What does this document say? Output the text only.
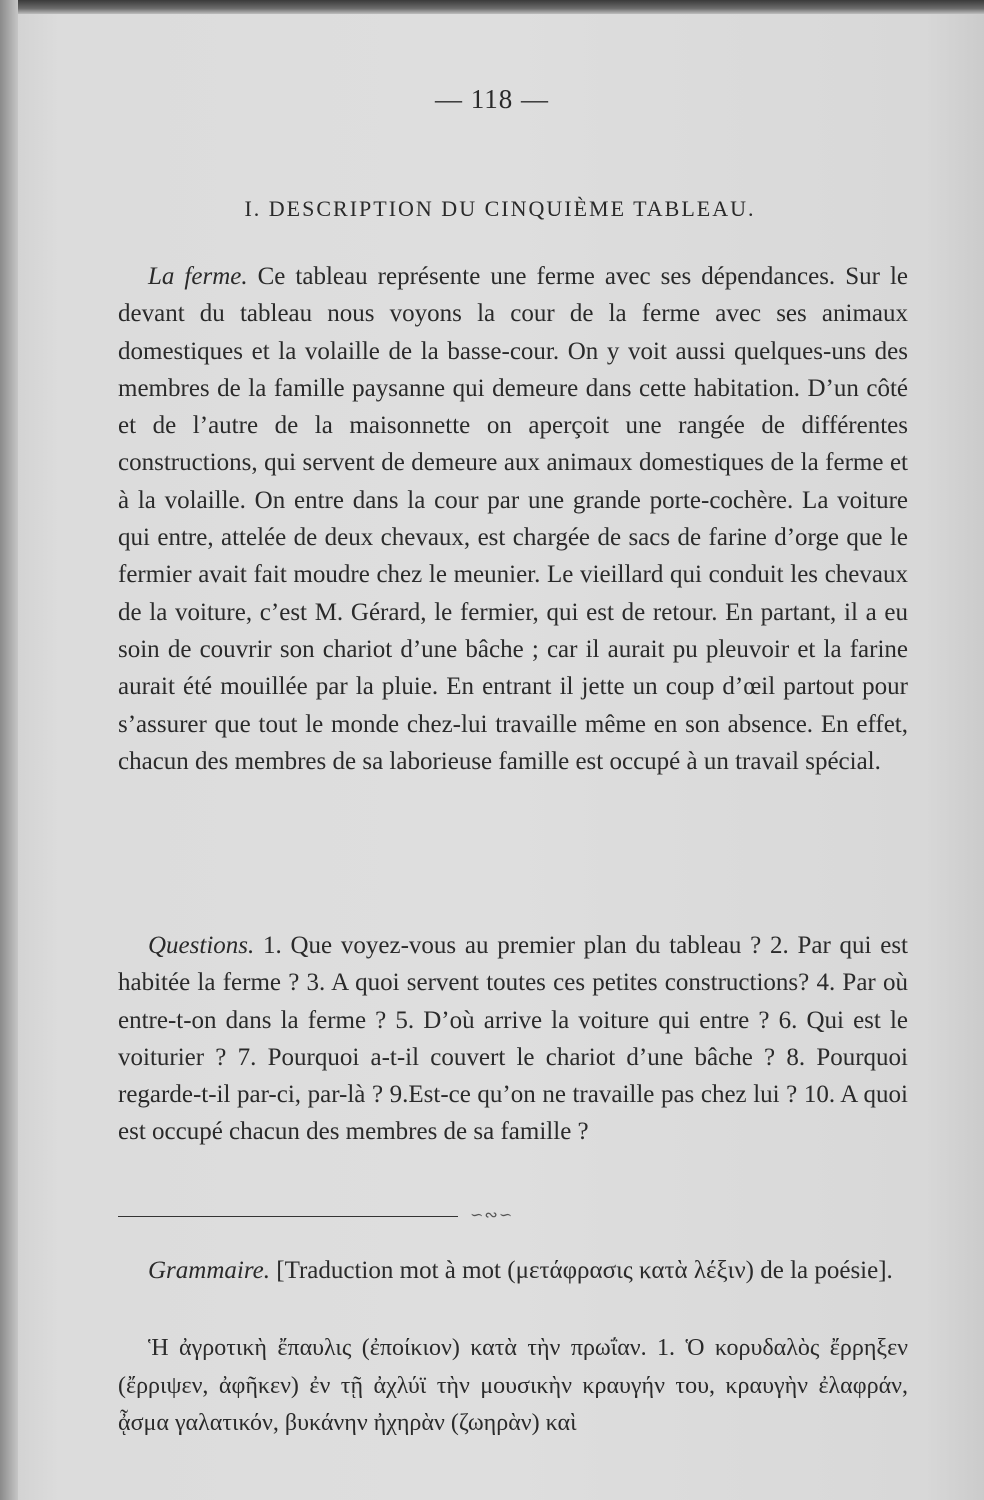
— 118 —
I. DESCRIPTION DU CINQUIÈME TABLEAU.

La ferme. Ce tableau représente une ferme avec ses dépendances. Sur le devant du tableau nous voyons la cour de la ferme avec ses animaux domestiques et la volaille de la basse-cour. On y voit aussi quelques-uns des membres de la famille paysanne qui demeure dans cette habitation. D’un côté et de l’autre de la maisonnette on aperçoit une rangée de différentes constructions, qui servent de demeure aux animaux domestiques de la ferme et à la volaille. On entre dans la cour par une grande porte-cochère. La voiture qui entre, attelée de deux chevaux, est chargée de sacs de farine d’orge que le fermier avait fait moudre chez le meunier. Le vieillard qui conduit les chevaux de la voiture, c’est M. Gérard, le fermier, qui est de retour. En partant, il a eu soin de couvrir son chariot d’une bâche ; car il aurait pu pleuvoir et la farine aurait été mouillée par la pluie. En entrant il jette un coup d’œil partout pour s’assurer que tout le monde chez-lui travaille même en son absence. En effet, chacun des membres de sa laborieuse famille est occupé à un travail spécial.

Questions. 1. Que voyez-vous au premier plan du tableau ? 2. Par qui est habitée la ferme ? 3. A quoi servent toutes ces petites constructions? 4. Par où entre-t-on dans la ferme ? 5. D’où arrive la voiture qui entre ? 6. Qui est le voiturier ? 7. Pourquoi a-t-il couvert le chariot d’une bâche ? 8. Pourquoi regarde-t-il par-ci, par-là ? 9.Est-ce qu’on ne travaille pas chez lui ? 10. A quoi est occupé chacun des membres de sa famille ?

∽∾∽

Grammaire. [Traduction mot à mot (μετάφρασις κατὰ λέξιν) de la poésie].

Ἡ ἀγροτικὴ ἔπαυλις (ἐποίκιον) κατὰ τὴν πρωΐαν. 1. Ὁ κορυδαλὸς ἔρρηξεν (ἔρριψεν, ἀφῆκεν) ἐν τῇ ἀχλύϊ τὴν μουσικὴν κραυγήν του, κραυγὴν ἐλαφράν, ᾆσμα γαλατικόν, βυκάνην ἠχηρὰν (ζωηρὰν) καὶ
